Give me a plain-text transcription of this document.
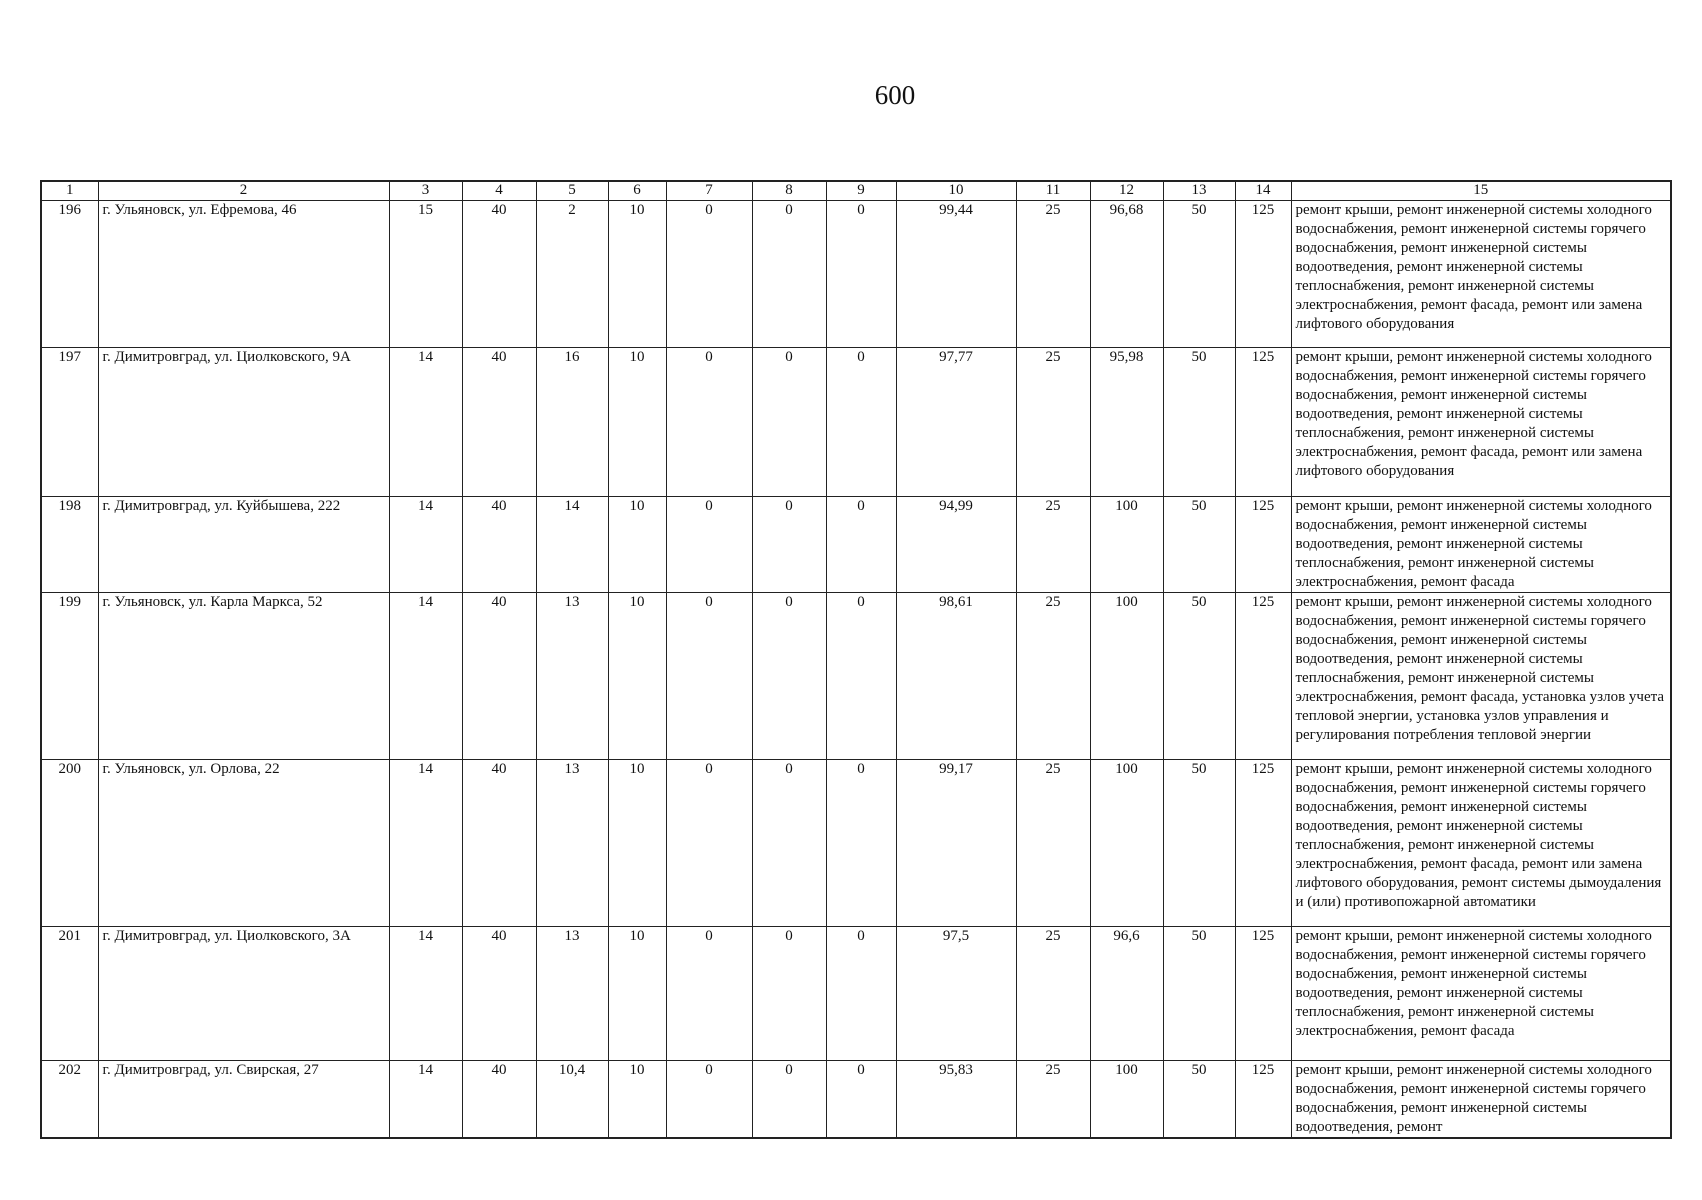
600
1	2	3	4	5	6	7	8	9	10	11	12	13	14	15
196	г. Ульяновск, ул. Ефремова, 46	15	40	2	10	0	0	0	99,44	25	96,68	50	125	ремонт крыши, ремонт инженерной системы холодного водоснабжения, ремонт инженерной системы горячего водоснабжения, ремонт инженерной системы водоотведения, ремонт инженерной системы теплоснабжения, ремонт инженерной системы электроснабжения, ремонт фасада, ремонт или замена лифтового оборудования
197	г. Димитровград, ул. Циолковского, 9А	14	40	16	10	0	0	0	97,77	25	95,98	50	125	ремонт крыши, ремонт инженерной системы холодного водоснабжения, ремонт инженерной системы горячего водоснабжения, ремонт инженерной системы водоотведения, ремонт инженерной системы теплоснабжения, ремонт инженерной системы электроснабжения, ремонт фасада, ремонт или замена лифтового оборудования
198	г. Димитровград, ул. Куйбышева, 222	14	40	14	10	0	0	0	94,99	25	100	50	125	ремонт крыши, ремонт инженерной системы холодного водоснабжения, ремонт инженерной системы водоотведения, ремонт инженерной системы теплоснабжения, ремонт инженерной системы электроснабжения, ремонт фасада
199	г. Ульяновск, ул. Карла Маркса, 52	14	40	13	10	0	0	0	98,61	25	100	50	125	ремонт крыши, ремонт инженерной системы холодного водоснабжения, ремонт инженерной системы горячего водоснабжения, ремонт инженерной системы водоотведения, ремонт инженерной системы теплоснабжения, ремонт инженерной системы электроснабжения, ремонт фасада, установка узлов учета тепловой энергии, установка узлов управления и регулирования потребления тепловой энергии
200	г. Ульяновск, ул. Орлова, 22	14	40	13	10	0	0	0	99,17	25	100	50	125	ремонт крыши, ремонт инженерной системы холодного водоснабжения, ремонт инженерной системы горячего водоснабжения, ремонт инженерной системы водоотведения, ремонт инженерной системы теплоснабжения, ремонт инженерной системы электроснабжения, ремонт фасада, ремонт или замена лифтового оборудования, ремонт системы дымоудаления и (или) противопожарной автоматики
201	г. Димитровград, ул. Циолковского, 3А	14	40	13	10	0	0	0	97,5	25	96,6	50	125	ремонт крыши, ремонт инженерной системы холодного водоснабжения, ремонт инженерной системы горячего водоснабжения, ремонт инженерной системы водоотведения, ремонт инженерной системы теплоснабжения, ремонт инженерной системы электроснабжения, ремонт фасада
202	г. Димитровград, ул. Свирская, 27	14	40	10,4	10	0	0	0	95,83	25	100	50	125	ремонт крыши, ремонт инженерной системы холодного водоснабжения, ремонт инженерной системы горячего водоснабжения, ремонт инженерной системы водоотведения, ремонт
